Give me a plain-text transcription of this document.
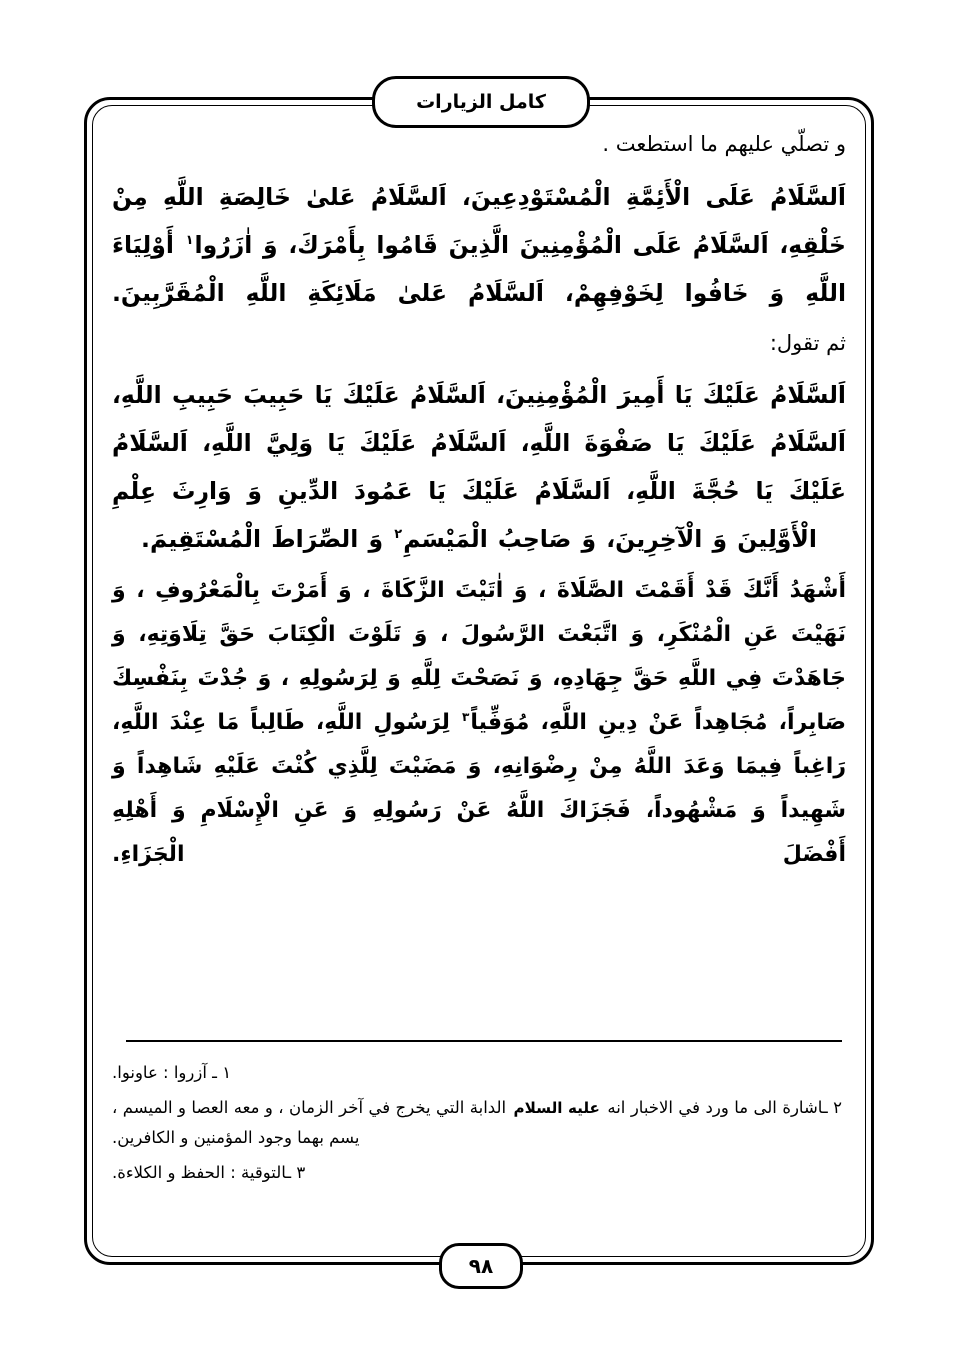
كامل الزيارات

و تصلّي عليهم ما استطعت .

اَلسَّلَامُ عَلَى الْأَئِمَّةِ الْمُسْتَوْدِعِينَ، اَلسَّلَامُ عَلىٰ خَالِصَةِ اللَّهِ مِنْ خَلْقِهِ، اَلسَّلَامُ عَلَى الْمُؤْمِنِينَ الَّذِينَ قَامُوا بِأَمْرَكَ، وَ اٰزَرُوا$^١$ أَوْلِيَاءَ اللَّهِ وَ خَافُوا لِخَوْفِهِمْ، اَلسَّلَامُ عَلىٰ مَلَائِكَةِ اللَّهِ الْمُقَرَّبِينَ.

ثم تقول:

اَلسَّلَامُ عَلَيْكَ يَا أَمِيرَ الْمُؤْمِنِينَ، اَلسَّلَامُ عَلَيْكَ يَا حَبِيبَ حَبِيبِ اللَّهِ، اَلسَّلَامُ عَلَيْكَ يَا صَفْوَةَ اللَّهِ، اَلسَّلَامُ عَلَيْكَ يَا وَلِيَّ اللَّهِ، اَلسَّلَامُ عَلَيْكَ يَا حُجَّةَ اللَّهِ، اَلسَّلَامُ عَلَيْكَ يَا عَمُودَ الدِّينِ وَ وَارِثَ عِلْمِ الْأَوَّلِينَ وَ الْآخِرِينَ، وَ صَاحِبُ الْمَيْسَمِ$^٢$ وَ الصِّرَاطَ الْمُسْتَقِيمَ.

أَشْهَدُ أَنَّكَ قَدْ أَقَمْتَ الصَّلَاةَ ، وَ اٰتَيْتَ الزَّكَاةَ ، وَ أَمَرْتَ بِالْمَعْرُوفِ ، وَ نَهَيْتَ عَنِ الْمُنْكَرِ، وَ اتَّبَعْتَ الرَّسُولَ ، وَ تَلَوْتَ الْكِتَابَ حَقَّ تِلَاوَتِهِ، وَ جَاهَدْتَ فِي اللَّهِ حَقَّ جِهَادِهِ، وَ نَصَحْتَ لِلَّهِ وَ لِرَسُولِهِ ، وَ جُدْتَ بِنَفْسِكَ صَابِراً، مُجَاهِداً عَنْ دِينِ اللَّهِ، مُوَفِّياً$^٣$ لِرَسُولِ اللَّهِ، طَالِباً مَا عِنْدَ اللَّهِ، رَاغِباً فِيمَا وَعَدَ اللَّهُ مِنْ رِضْوَانِهِ، وَ مَضَيْتَ لِلَّذِي كُنْتَ عَلَيْهِ شَاهِداً وَ شَهِيداً وَ مَشْهُوداً، فَجَزَاكَ اللَّهُ عَنْ رَسُولِهِ وَ عَنِ الْإِسْلَامِ وَ أَهْلِهِ أَفْضَلَ الْجَزَاءِ.

١ ـ آزروا : عاونوا.

٢ ـاشارة الى ما ورد في الاخبار انه عليه السلام الدابة التي يخرج في آخر الزمان ، و معه العصا و الميسم ، يسم بهما وجود المؤمنين و الكافرين.

٣ ـالتوقية : الحفظ و الكلاءة.

٩٨
